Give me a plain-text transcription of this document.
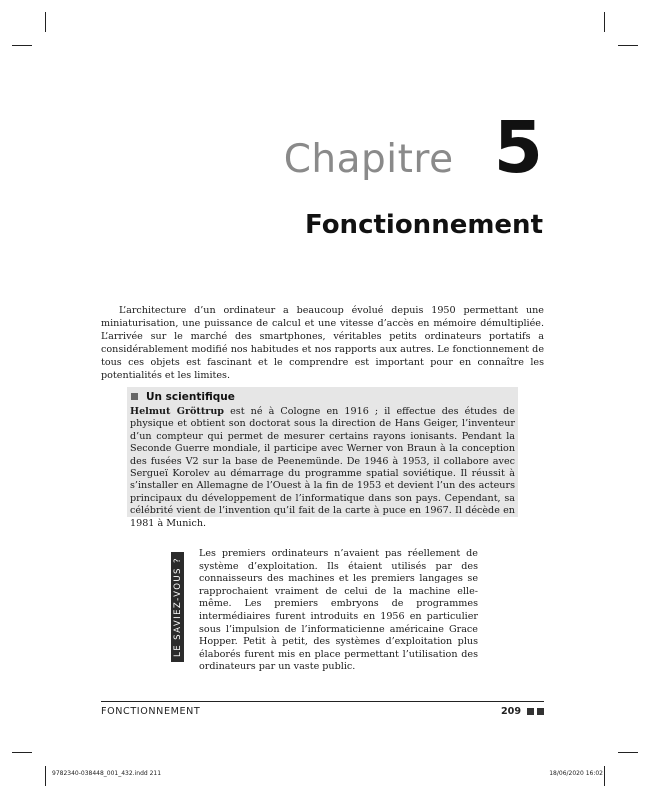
Chapitre 5
Fonctionnement

L’architecture d’un ordinateur a beaucoup évolué depuis 1950 permettant une miniaturisation, une puissance de calcul et une vitesse d’accès en mémoire démultipliée. L’arrivée sur le marché des smartphones, véritables petits ordinateurs portatifs a considérablement modifié nos habitudes et nos rapports aux autres. Le fonctionnement de tous ces objets est fascinant et le comprendre est important pour en connaître les potentialités et les limites.

Un scientifique
Helmut Gröttrup est né à Cologne en 1916 ; il effectue des études de physique et obtient son doctorat sous la direction de Hans Geiger, l’inventeur d’un compteur qui permet de mesurer certains rayons ionisants. Pendant la Seconde Guerre mondiale, il participe avec Werner von Braun à la conception des fusées V2 sur la base de Peenemünde. De 1946 à 1953, il collabore avec Sergueï Korolev au démarrage du programme spatial soviétique. Il réussit à s’installer en Allemagne de l’Ouest à la fin de 1953 et devient l’un des acteurs principaux du développement de l’informatique dans son pays. Cependant, sa célébrité vient de l’invention qu’il fait de la carte à puce en 1967. Il décède en 1981 à Munich.
LE SAVIEZ-VOUS ?

Les premiers ordinateurs n’avaient pas réellement de système d’exploitation. Ils étaient utilisés par des connaisseurs des machines et les premiers langages se rapprochaient vraiment de celui de la machine elle-même. Les premiers embryons de programmes intermédiaires furent introduits en 1956 en particulier sous l’impulsion de l’informaticienne américaine Grace Hopper. Petit à petit, des systèmes d’exploitation plus élaborés furent mis en place permettant l’utilisation des ordinateurs par un vaste public.

FONCTIONNEMENT	209
9782340-038448_001_432.indd 211	18/06/2020 16:02
